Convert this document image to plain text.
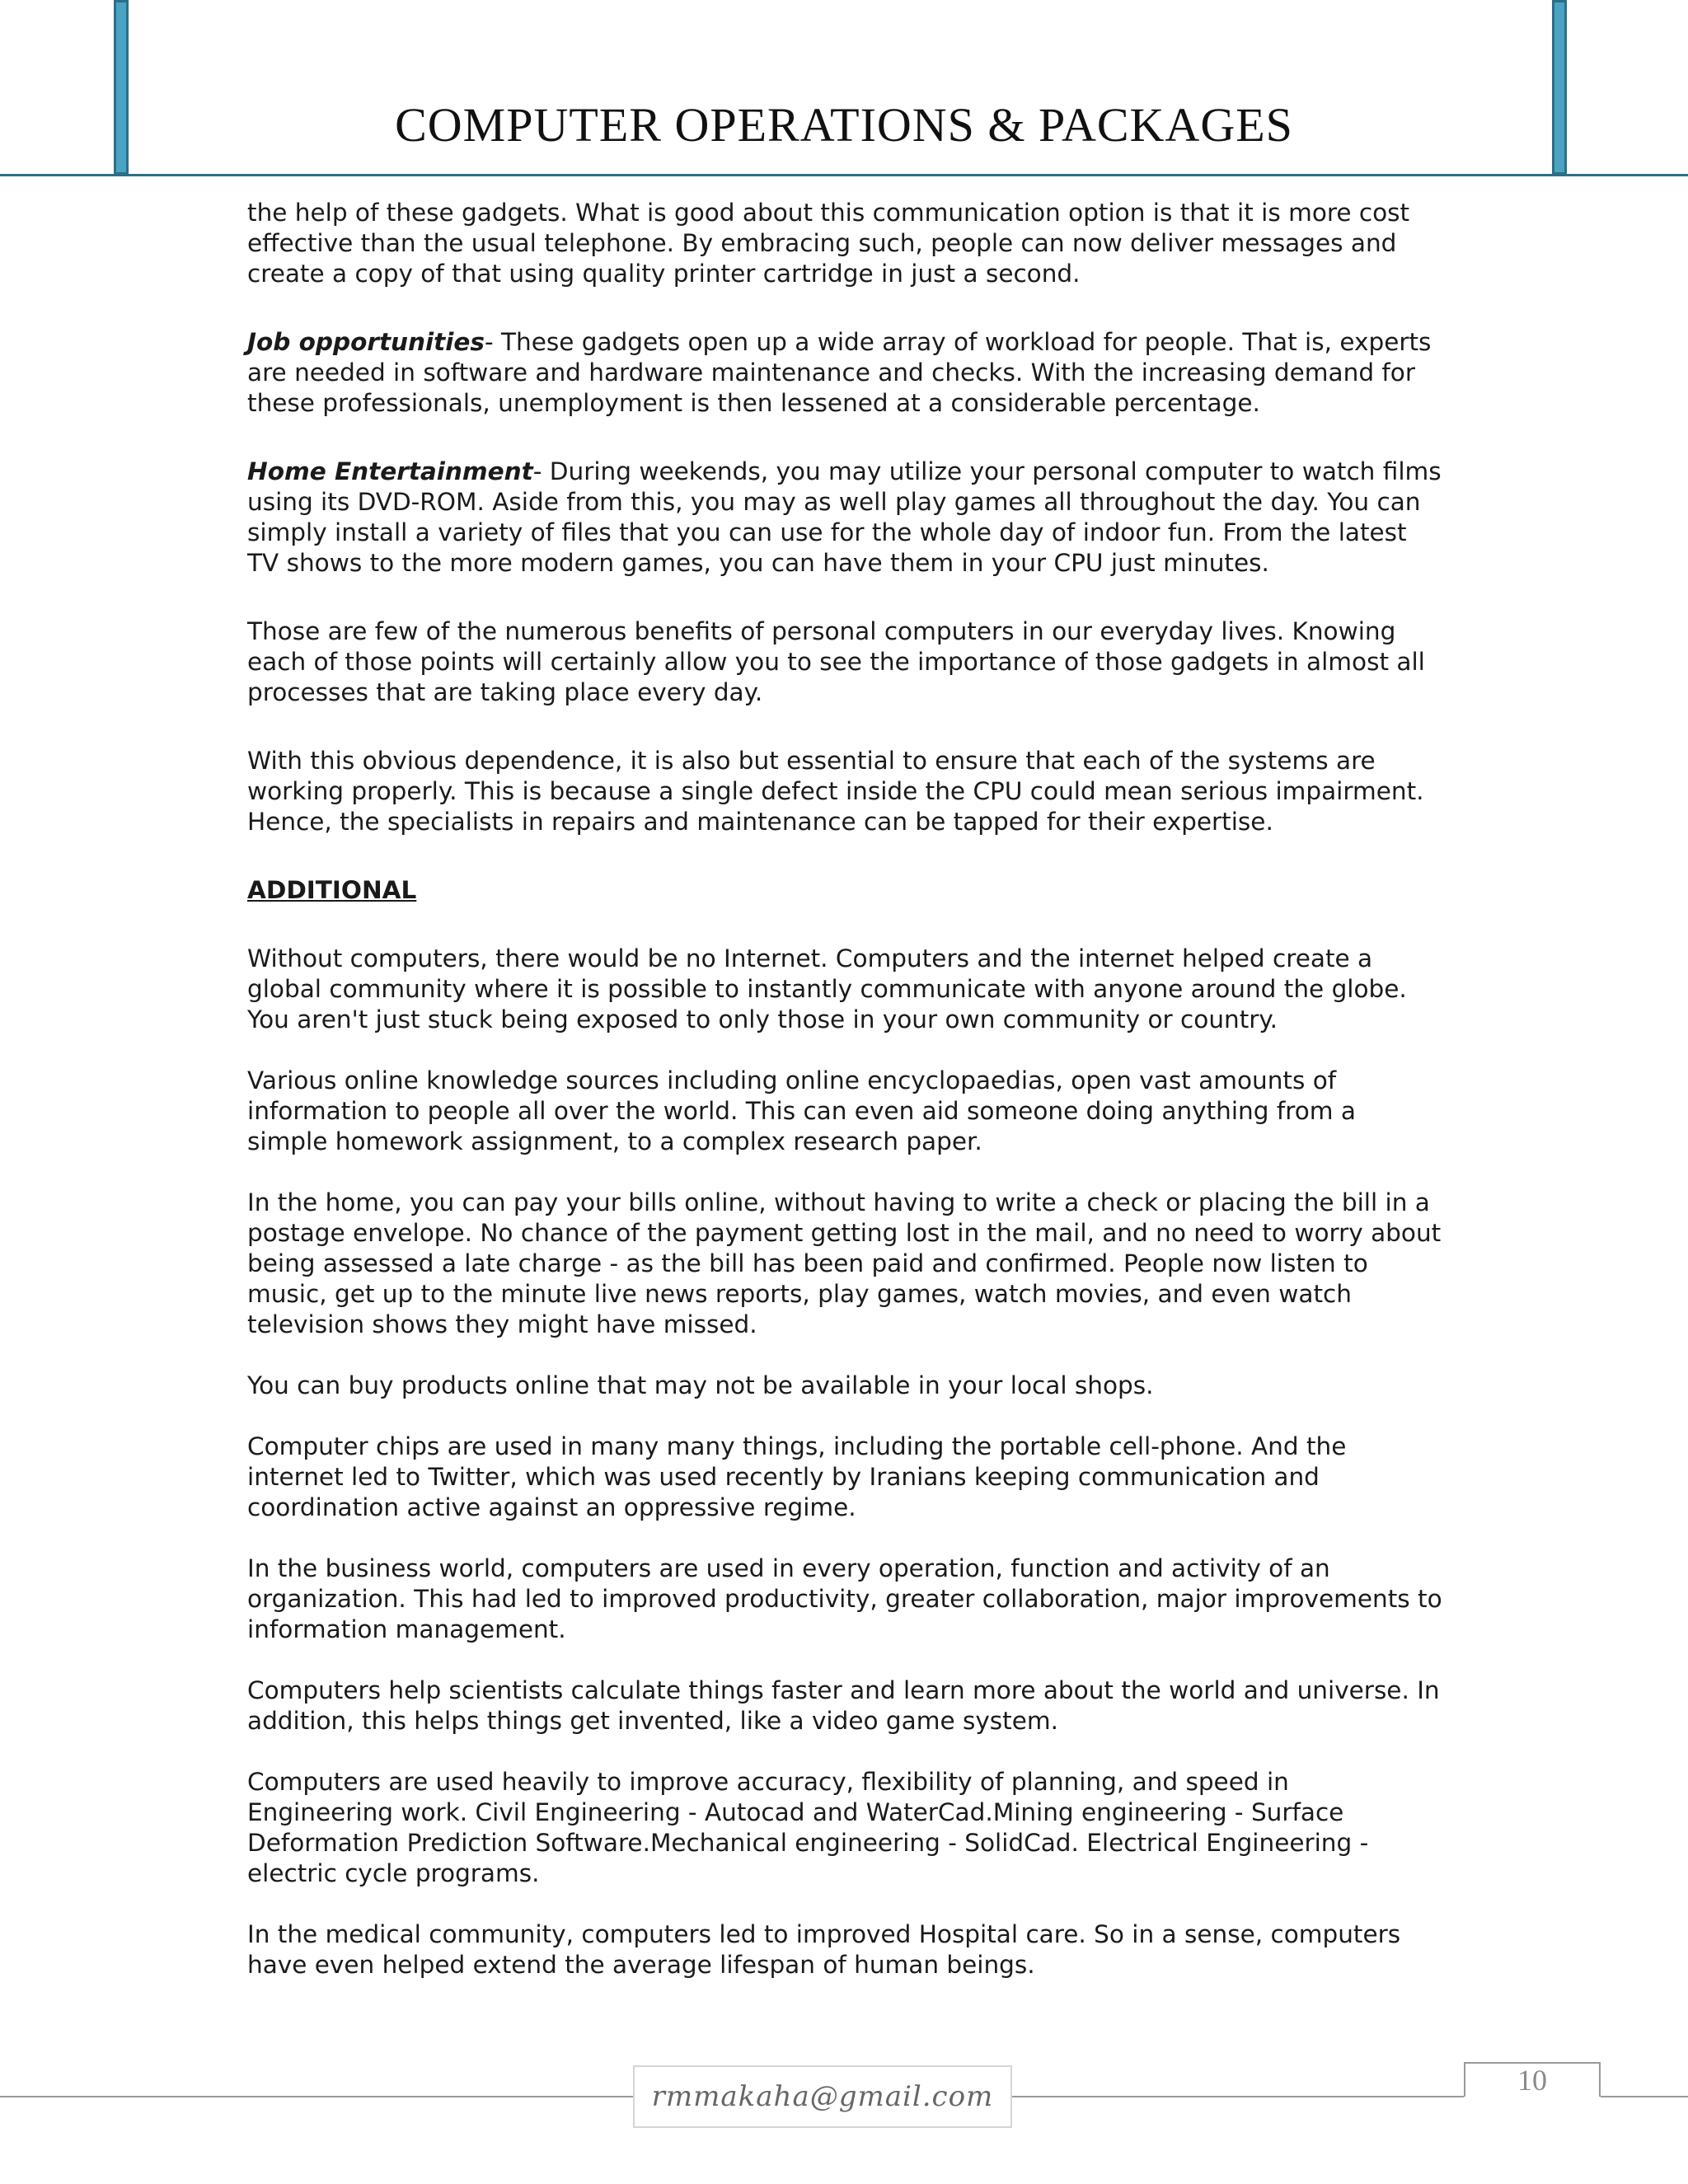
COMPUTER OPERATIONS & PACKAGES

the help of these gadgets. What is good about this communication option is that it is more cost effective than the usual telephone. By embracing such, people can now deliver messages and create a copy of that using quality printer cartridge in just a second.

Job opportunities- These gadgets open up a wide array of workload for people. That is, experts are needed in software and hardware maintenance and checks. With the increasing demand for these professionals, unemployment is then lessened at a considerable percentage.

Home Entertainment- During weekends, you may utilize your personal computer to watch films using its DVD-ROM. Aside from this, you may as well play games all throughout the day. You can simply install a variety of files that you can use for the whole day of indoor fun. From the latest TV shows to the more modern games, you can have them in your CPU just minutes.

Those are few of the numerous benefits of personal computers in our everyday lives. Knowing each of those points will certainly allow you to see the importance of those gadgets in almost all processes that are taking place every day.

With this obvious dependence, it is also but essential to ensure that each of the systems are working properly. This is because a single defect inside the CPU could mean serious impairment. Hence, the specialists in repairs and maintenance can be tapped for their expertise.

ADDITIONAL

Without computers, there would be no Internet. Computers and the internet helped create a global community where it is possible to instantly communicate with anyone around the globe. You aren't just stuck being exposed to only those in your own community or country.

Various online knowledge sources including online encyclopaedias, open vast amounts of information to people all over the world. This can even aid someone doing anything from a simple homework assignment, to a complex research paper.

In the home, you can pay your bills online, without having to write a check or placing the bill in a postage envelope. No chance of the payment getting lost in the mail, and no need to worry about being assessed a late charge - as the bill has been paid and confirmed. People now listen to music, get up to the minute live news reports, play games, watch movies, and even watch television shows they might have missed.

You can buy products online that may not be available in your local shops.

Computer chips are used in many many things, including the portable cell-phone. And the internet led to Twitter, which was used recently by Iranians keeping communication and coordination active against an oppressive regime.

In the business world, computers are used in every operation, function and activity of an organization. This had led to improved productivity, greater collaboration, major improvements to information management.

Computers help scientists calculate things faster and learn more about the world and universe. In addition, this helps things get invented, like a video game system.

Computers are used heavily to improve accuracy, flexibility of planning, and speed in Engineering work. Civil Engineering - Autocad and WaterCad.Mining engineering - Surface Deformation Prediction Software.Mechanical engineering - SolidCad. Electrical Engineering - electric cycle programs.

In the medical community, computers led to improved Hospital care. So in a sense, computers have even helped extend the average lifespan of human beings.

rmmakaha@gmail.com	10
